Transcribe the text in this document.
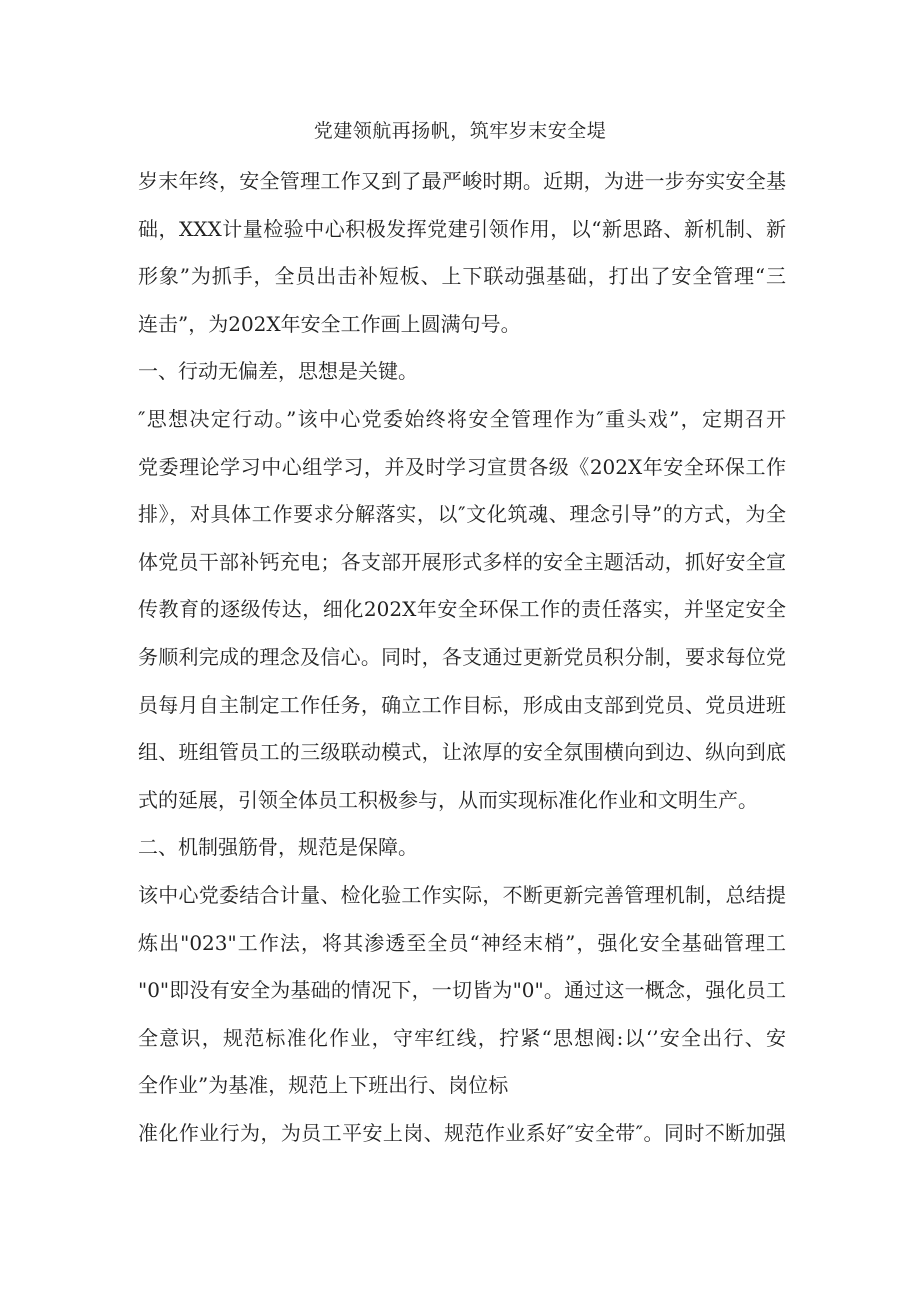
党建领航再扬帆，筑牢岁末安全堤
岁末年终，安全管理工作又到了最严峻时期。近期，为进一步夯实安全基
础，XXX计量检验中心积极发挥党建引领作用，以“新思路、新机制、新
形象”为抓手，全员出击补短板、上下联动强基础，打出了安全管理“三
连击”，为202X年安全工作画上圆满句号。
一、行动无偏差，思想是关键。
″思想决定行动。”该中心党委始终将安全管理作为″重头戏”，定期召开
党委理论学习中心组学习，并及时学习宣贯各级《202X年安全环保工作
排》，对具体工作要求分解落实，以″文化筑魂、理念引导”的方式，为全
体党员干部补钙充电；各支部开展形式多样的安全主题活动，抓好安全宣
传教育的逐级传达，细化202X年安全环保工作的责任落实，并坚定安全
务顺利完成的理念及信心。同时，各支通过更新党员积分制，要求每位党
员每月自主制定工作任务，确立工作目标，形成由支部到党员、党员进班
组、班组管员工的三级联动模式，让浓厚的安全氛围横向到边、纵向到底
式的延展，引领全体员工积极参与，从而实现标准化作业和文明生产。
二、机制强筋骨，规范是保障。
该中心党委结合计量、检化验工作实际，不断更新完善管理机制，总结提
炼出"023"工作法，将其渗透至全员“神经末梢”，强化安全基础管理工
"0"即没有安全为基础的情况下，一切皆为"0"。通过这一概念，强化员工
全意识，规范标准化作业，守牢红线，拧紧“思想阀:以‘’安全出行、安
全作业”为基准，规范上下班出行、岗位标
准化作业行为，为员工平安上岗、规范作业系好″安全带″。同时不断加强
